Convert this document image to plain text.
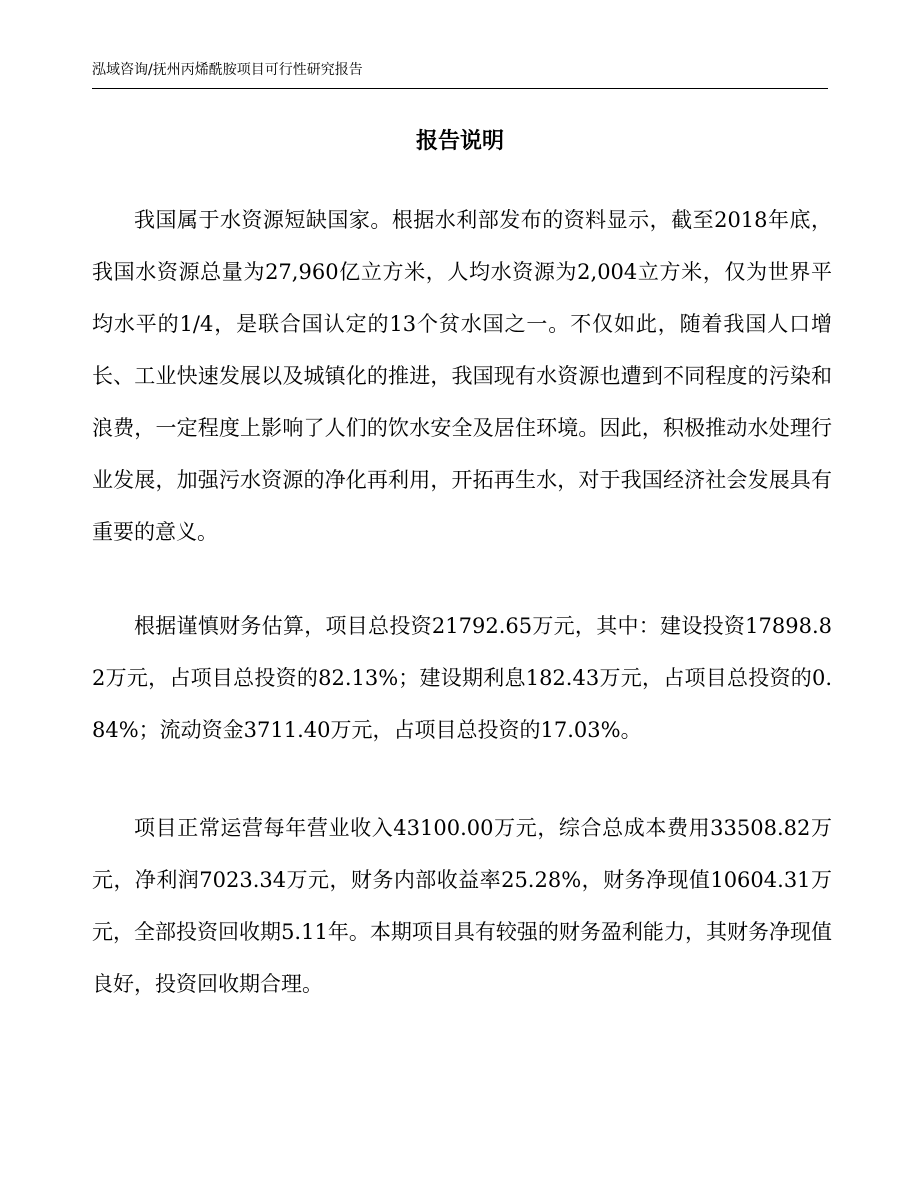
泓域咨询/抚州丙烯酰胺项目可行性研究报告
报告说明

我国属于水资源短缺国家。根据水利部发布的资料显示，截至2018年底，我国水资源总量为27,960亿立方米，人均水资源为2,004立方米，仅为世界平均水平的1/4，是联合国认定的13个贫水国之一。不仅如此，随着我国人口增长、工业快速发展以及城镇化的推进，我国现有水资源也遭到不同程度的污染和浪费，一定程度上影响了人们的饮水安全及居住环境。因此，积极推动水处理行业发展，加强污水资源的净化再利用，开拓再生水，对于我国经济社会发展具有重要的意义。

根据谨慎财务估算，项目总投资21792.65万元，其中：建设投资17898.82万元，占项目总投资的82.13%；建设期利息182.43万元，占项目总投资的0.84%；流动资金3711.40万元，占项目总投资的17.03%。

项目正常运营每年营业收入43100.00万元，综合总成本费用33508.82万元，净利润7023.34万元，财务内部收益率25.28%，财务净现值10604.31万元，全部投资回收期5.11年。本期项目具有较强的财务盈利能力，其财务净现值良好，投资回收期合理。
